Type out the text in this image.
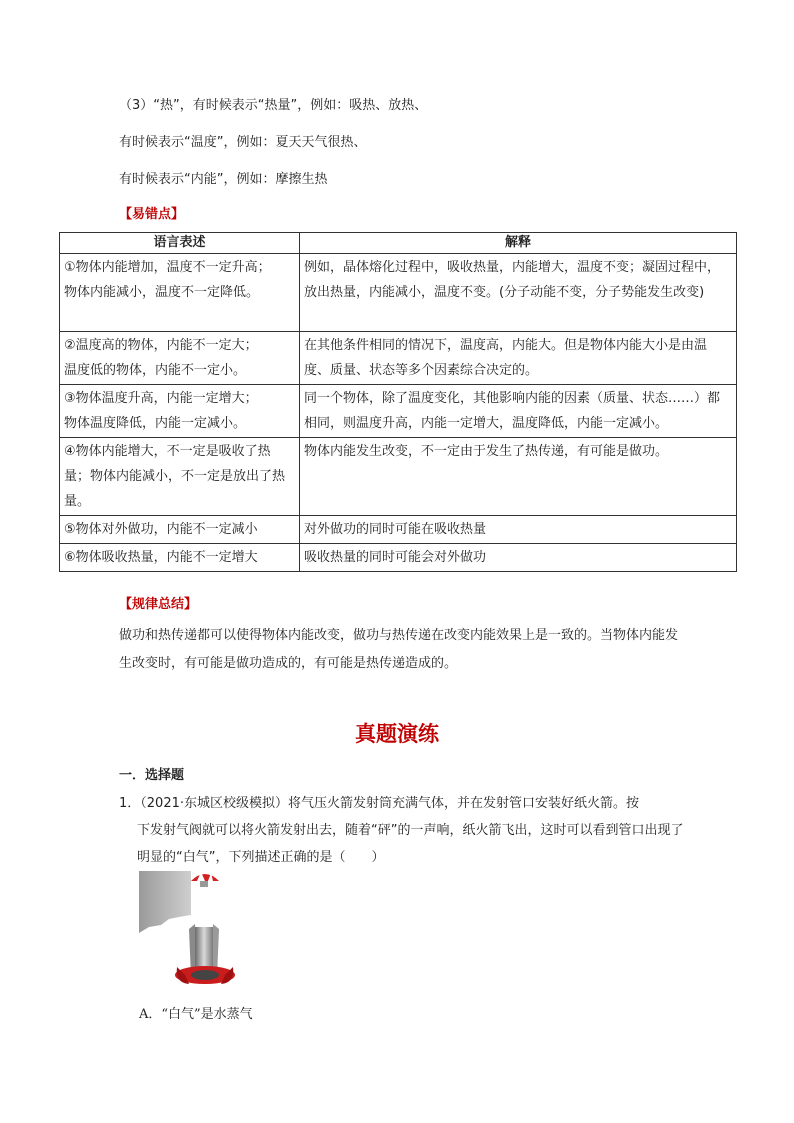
（3）“热”，有时候表示“热量”，例如：吸热、放热、
有时候表示“温度”，例如：夏天天气很热、
有时候表示“内能”，例如：摩擦生热
【易错点】
语言表述	解释
①物体内能增加，温度不一定升高；
物体内能减小，温度不一定降低。	例如，晶体熔化过程中，吸收热量，内能增大，温度不变；凝固过程中，放出热量，内能减小，温度不变。(分子动能不变，分子势能发生改变)
②温度高的物体，内能不一定大；
温度低的物体，内能不一定小。	在其他条件相同的情况下，温度高，内能大。但是物体内能大小是由温度、质量、状态等多个因素综合决定的。
③物体温度升高，内能一定增大；
物体温度降低，内能一定减小。	同一个物体，除了温度变化，其他影响内能的因素（质量、状态……）都相同，则温度升高，内能一定增大，温度降低，内能一定减小。
④物体内能增大，不一定是吸收了热量；物体内能减小，不一定是放出了热量。	物体内能发生改变，不一定由于发生了热传递，有可能是做功。
⑤物体对外做功，内能不一定减小	对外做功的同时可能在吸收热量
⑥物体吸收热量，内能不一定增大	吸收热量的同时可能会对外做功
【规律总结】
做功和热传递都可以使得物体内能改变，做功与热传递在改变内能效果上是一致的。当物体内能发生改变时，有可能是做功造成的，有可能是热传递造成的。
真题演练
一．选择题
1．（2021·东城区校级模拟）将气压火箭发射筒充满气体，并在发射管口安装好纸火箭。按
下发射气阀就可以将火箭发射出去，随着“砰”的一声响，纸火箭飞出，这时可以看到管口出现了明显的“白气”，下列描述正确的是（　　）
A．“白气”是水蒸气
